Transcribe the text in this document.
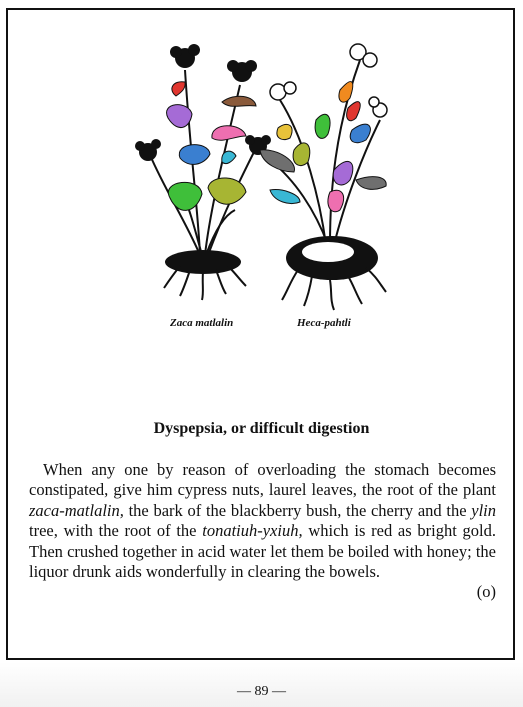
Zaca matlalin	Heca-pahtli
Dyspepsia, or difficult digestion

When any one by reason of overloading the stomach becomes constipated, give him cypress nuts, laurel leaves, the root of the plant zaca-matlalin, the bark of the blackberry bush, the cherry and the ylin tree, with the root of the tonatiuh-yxiuh, which is red as bright gold. Then crushed together in acid water let them be boiled with honey; the liquor drunk aids wonderfully in clearing the bowels.

(o)
— 89 —
